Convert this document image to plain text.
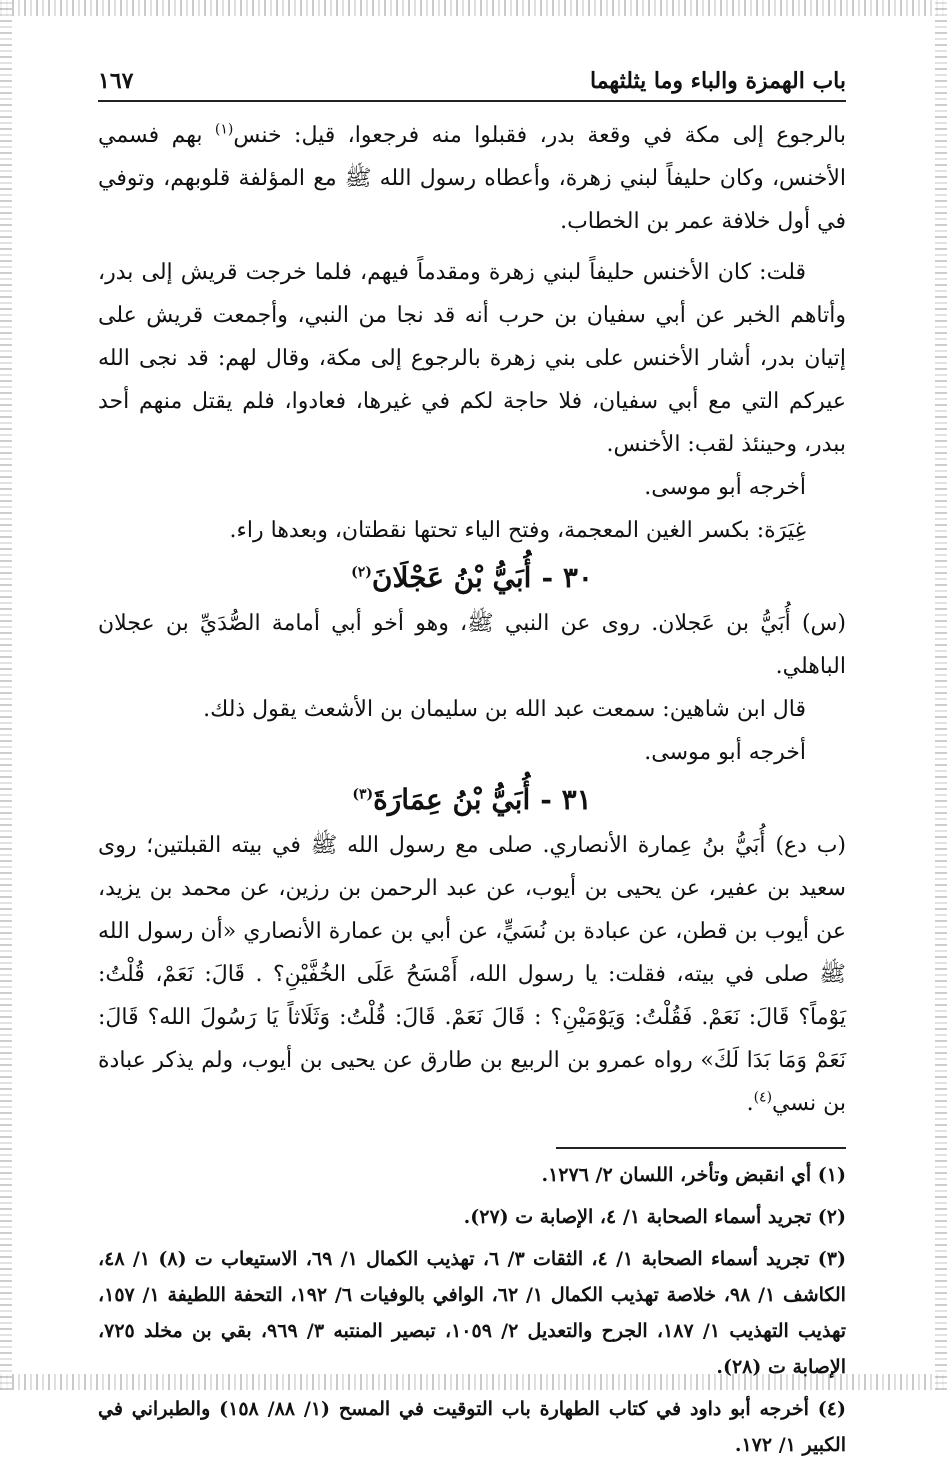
باب الهمزة والباء وما يثلثهما
١٦٧

بالرجوع إلى مكة في وقعة بدر، فقبلوا منه فرجعوا، قيل: خنس$^{(١)}$ بهم فسمي الأخنس، وكان حليفاً لبني زهرة، وأعطاه رسول الله ﷺ مع المؤلفة قلوبهم، وتوفي في أول خلافة عمر بن الخطاب.

قلت: كان الأخنس حليفاً لبني زهرة ومقدماً فيهم، فلما خرجت قريش إلى بدر، وأتاهم الخبر عن أبي سفيان بن حرب أنه قد نجا من النبي، وأجمعت قريش على إتيان بدر، أشار الأخنس على بني زهرة بالرجوع إلى مكة، وقال لهم: قد نجى الله عيركم التي مع أبي سفيان، فلا حاجة لكم في غيرها، فعادوا، فلم يقتل منهم أحد ببدر، وحينئذ لقب: الأخنس.

أخرجه أبو موسى.

غِيَرَة: بكسر الغين المعجمة، وفتح الياء تحتها نقطتان، وبعدها راء.

٣٠ -أُبَيُّ بْنُ عَجْلَانَ$^{(٢)}$

(س) أُبَيُّ بن عَجلان. روى عن النبي ﷺ، وهو أخو أبي أمامة الصُّدَيِّ بن عجلان الباهلي.

قال ابن شاهين: سمعت عبد الله بن سليمان بن الأشعث يقول ذلك.

أخرجه أبو موسى.

٣١ -أُبَيُّ بْنُ عِمَارَةَ$^{(٣)}$

(ب دع) أُبَيُّ بنُ عِمارة الأنصاري. صلى مع رسول الله ﷺ في بيته القبلتين؛ روى سعيد بن عفير، عن يحيى بن أيوب، عن عبد الرحمن بن رزين، عن محمد بن يزيد، عن أيوب بن قطن، عن عبادة بن نُسَيٍّ، عن أبي بن عمارة الأنصاري «أن رسول الله ﷺ صلى في بيته، فقلت: يا رسول الله، أَمْسَحُ عَلَى الخُفَّيْنِ؟ . قَالَ: نَعَمْ، قُلْتُ: يَوْماً؟ قَالَ: نَعَمْ. فَقُلْتُ: وَيَوْمَيْنِ؟ : قَالَ نَعَمْ. قَالَ: قُلْتُ: وَثَلَاثاً يَا رَسُولَ الله؟ قَالَ: نَعَمْ وَمَا بَدَا لَكَ» رواه عمرو بن الربيع بن طارق عن يحيى بن أيوب، ولم يذكر عبادة بن نسي$^{(٤)}$.

(١) أي انقبض وتأخر، اللسان ٢/ ١٢٧٦.

(٢) تجريد أسماء الصحابة ١/ ٤، الإصابة ت (٢٧).

(٣) تجريد أسماء الصحابة ١/ ٤، الثقات ٣/ ٦، تهذيب الكمال ١/ ٦٩، الاستيعاب ت (٨) ١/ ٤٨، الكاشف ١/ ٩٨، خلاصة تهذيب الكمال ١/ ٦٢، الوافي بالوفيات ٦/ ١٩٢، التحفة اللطيفة ١/ ١٥٧، تهذيب التهذيب ١/ ١٨٧، الجرح والتعديل ٢/ ١٠٥٩، تبصير المنتبه ٣/ ٩٦٩، بقي بن مخلد ٧٢٥، الإصابة ت (٢٨).

(٤) أخرجه أبو داود في كتاب الطهارة باب التوقيت في المسح (١/ ٨٨/ ١٥٨) والطبراني في الكبير ١/ ١٧٢.
